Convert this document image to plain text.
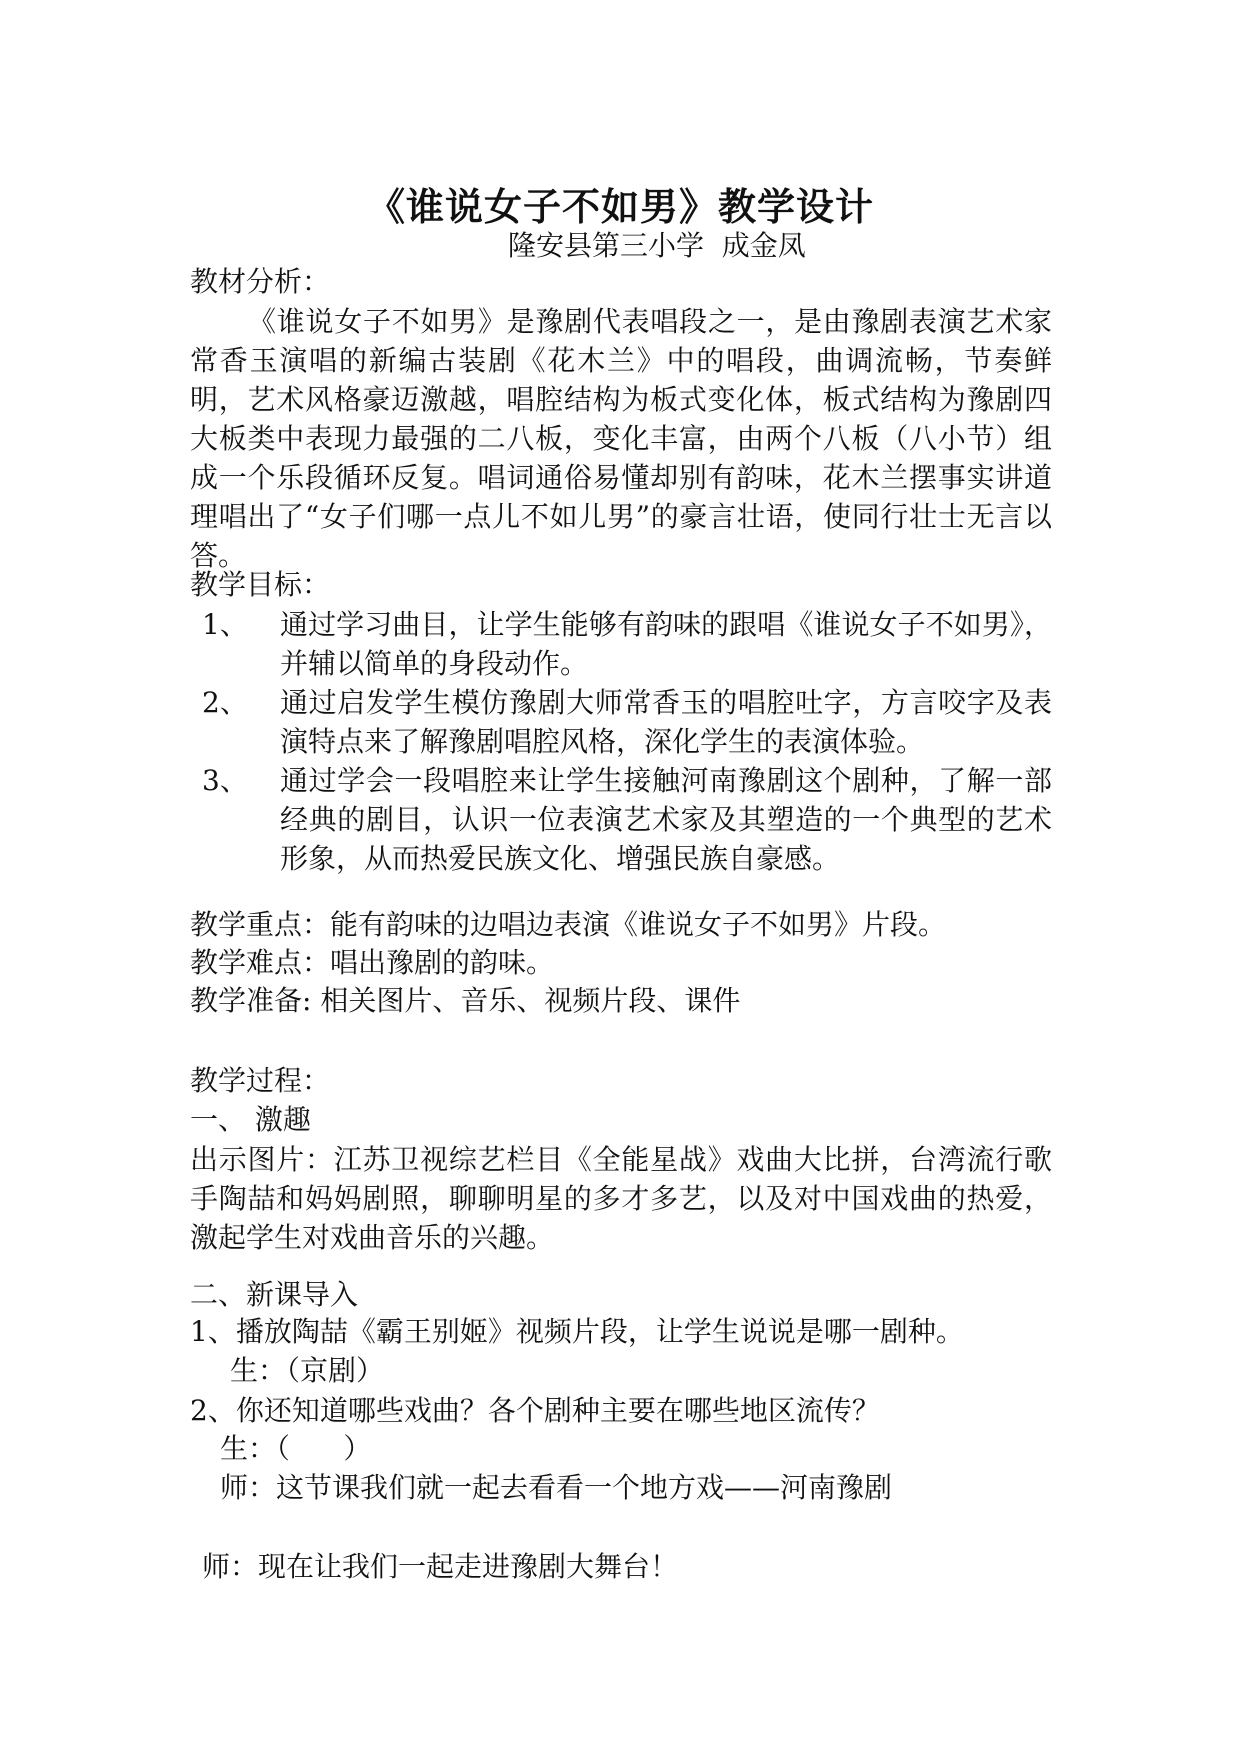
《谁说女子不如男》教学设计
隆安县第三小学  成金凤
教材分析：
《谁说女子不如男》是豫剧代表唱段之一，是由豫剧表演艺术家常香玉演唱的新编古装剧《花木兰》中的唱段，曲调流畅，节奏鲜明，艺术风格豪迈激越，唱腔结构为板式变化体，板式结构为豫剧四大板类中表现力最强的二八板，变化丰富，由两个八板（八小节）组成一个乐段循环反复。唱词通俗易懂却别有韵味，花木兰摆事实讲道理唱出了“女子们哪一点儿不如儿男”的豪言壮语，使同行壮士无言以答。
教学目标：
1、 通过学习曲目，让学生能够有韵味的跟唱《谁说女子不如男》，并辅以简单的身段动作。
2、 通过启发学生模仿豫剧大师常香玉的唱腔吐字，方言咬字及表演特点来了解豫剧唱腔风格，深化学生的表演体验。
3、 通过学会一段唱腔来让学生接触河南豫剧这个剧种，了解一部经典的剧目，认识一位表演艺术家及其塑造的一个典型的艺术形象，从而热爱民族文化、增强民族自豪感。
教学重点：能有韵味的边唱边表演《谁说女子不如男》片段。
教学难点：唱出豫剧的韵味。
教学准备: 相关图片、音乐、视频片段、课件
教学过程：
一、 激趣
出示图片：江苏卫视综艺栏目《全能星战》戏曲大比拼，台湾流行歌手陶喆和妈妈剧照，聊聊明星的多才多艺，以及对中国戏曲的热爱，激起学生对戏曲音乐的兴趣。
二、新课导入
1、播放陶喆《霸王别姬》视频片段，让学生说说是哪一剧种。
生：（京剧）
2、你还知道哪些戏曲？各个剧种主要在哪些地区流传？
生：（      ）
师：这节课我们就一起去看看一个地方戏——河南豫剧
师：现在让我们一起走进豫剧大舞台！
